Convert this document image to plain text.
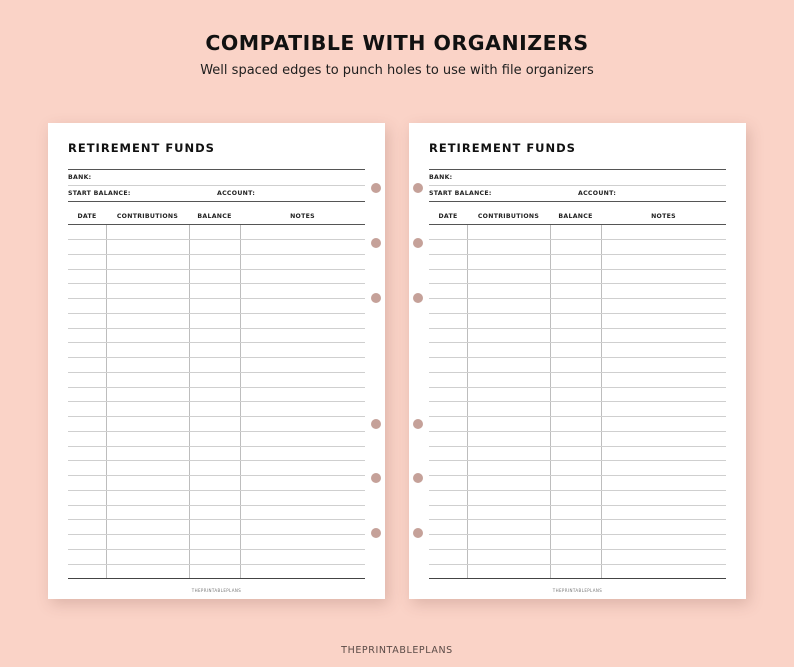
COMPATIBLE WITH ORGANIZERS
Well spaced edges to punch holes to use with file organizers
RETIREMENT FUNDS
BANK:
START BALANCE:	ACCOUNT:
DATE	CONTRIBUTIONS	BALANCE	NOTES
THEPRINTABLEPLANS
RETIREMENT FUNDS
BANK:
START BALANCE:	ACCOUNT:
DATE	CONTRIBUTIONS	BALANCE	NOTES
THEPRINTABLEPLANS
THEPRINTABLEPLANS
